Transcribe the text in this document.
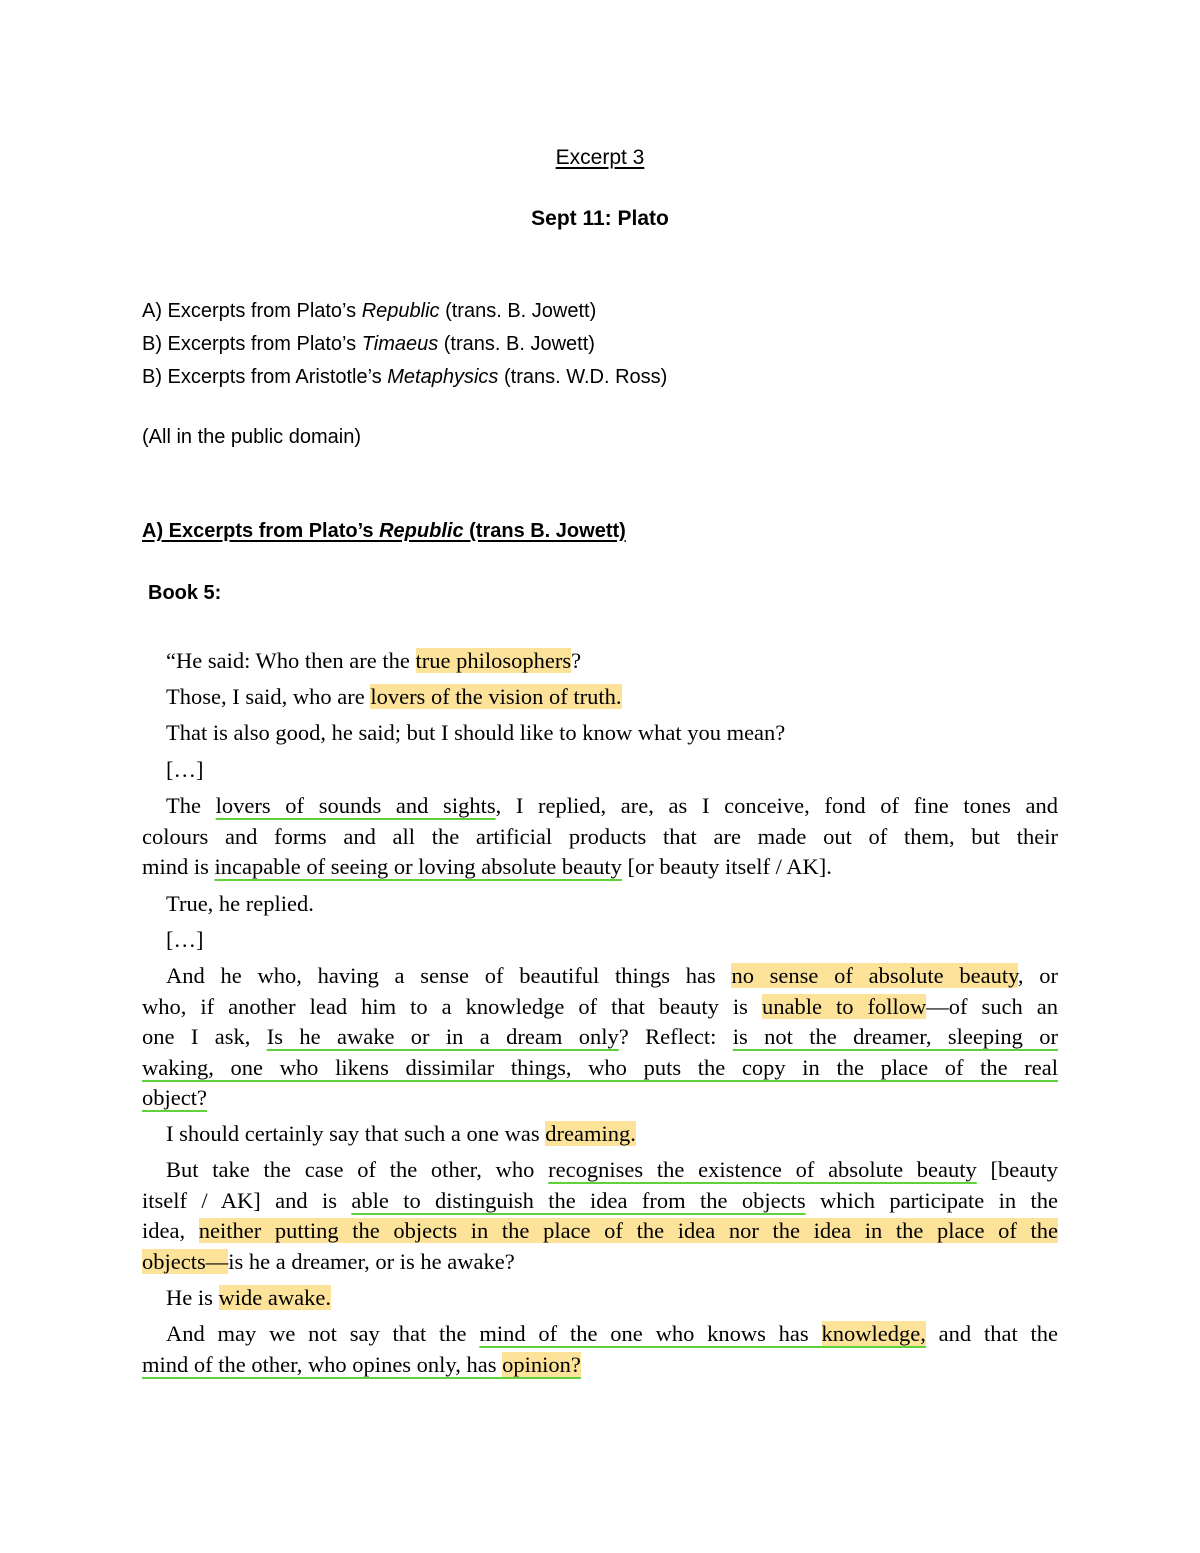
Excerpt 3
Sept 11: Plato
A) Excerpts from Plato’s Republic (trans. B. Jowett)
B) Excerpts from Plato’s Timaeus (trans. B. Jowett)
B) Excerpts from Aristotle’s Metaphysics (trans. W.D. Ross)
(All in the public domain)
A) Excerpts from Plato’s Republic (trans B. Jowett)
Book 5:
“He said: Who then are the true philosophers?
Those, I said, who are lovers of the vision of truth.
That is also good, he said; but I should like to know what you mean?
[…]
The lovers of sounds and sights, I replied, are, as I conceive, fond of fine tones and
colours and forms and all the artificial products that are made out of them, but their
mind is incapable of seeing or loving absolute beauty [or beauty itself / AK].
True, he replied.
[…]
And he who, having a sense of beautiful things has no sense of absolute beauty, or
who, if another lead him to a knowledge of that beauty is unable to follow—of such an
one I ask, Is he awake or in a dream only? Reflect: is not the dreamer, sleeping or
waking, one who likens dissimilar things, who puts the copy in the place of the real
object?
I should certainly say that such a one was dreaming.
But take the case of the other, who recognises the existence of absolute beauty [beauty
itself / AK] and is able to distinguish the idea from the objects which participate in the
idea, neither putting the objects in the place of the idea nor the idea in the place of the
objects—is he a dreamer, or is he awake?
He is wide awake.
And may we not say that the mind of the one who knows has knowledge, and that the
mind of the other, who opines only, has opinion?
